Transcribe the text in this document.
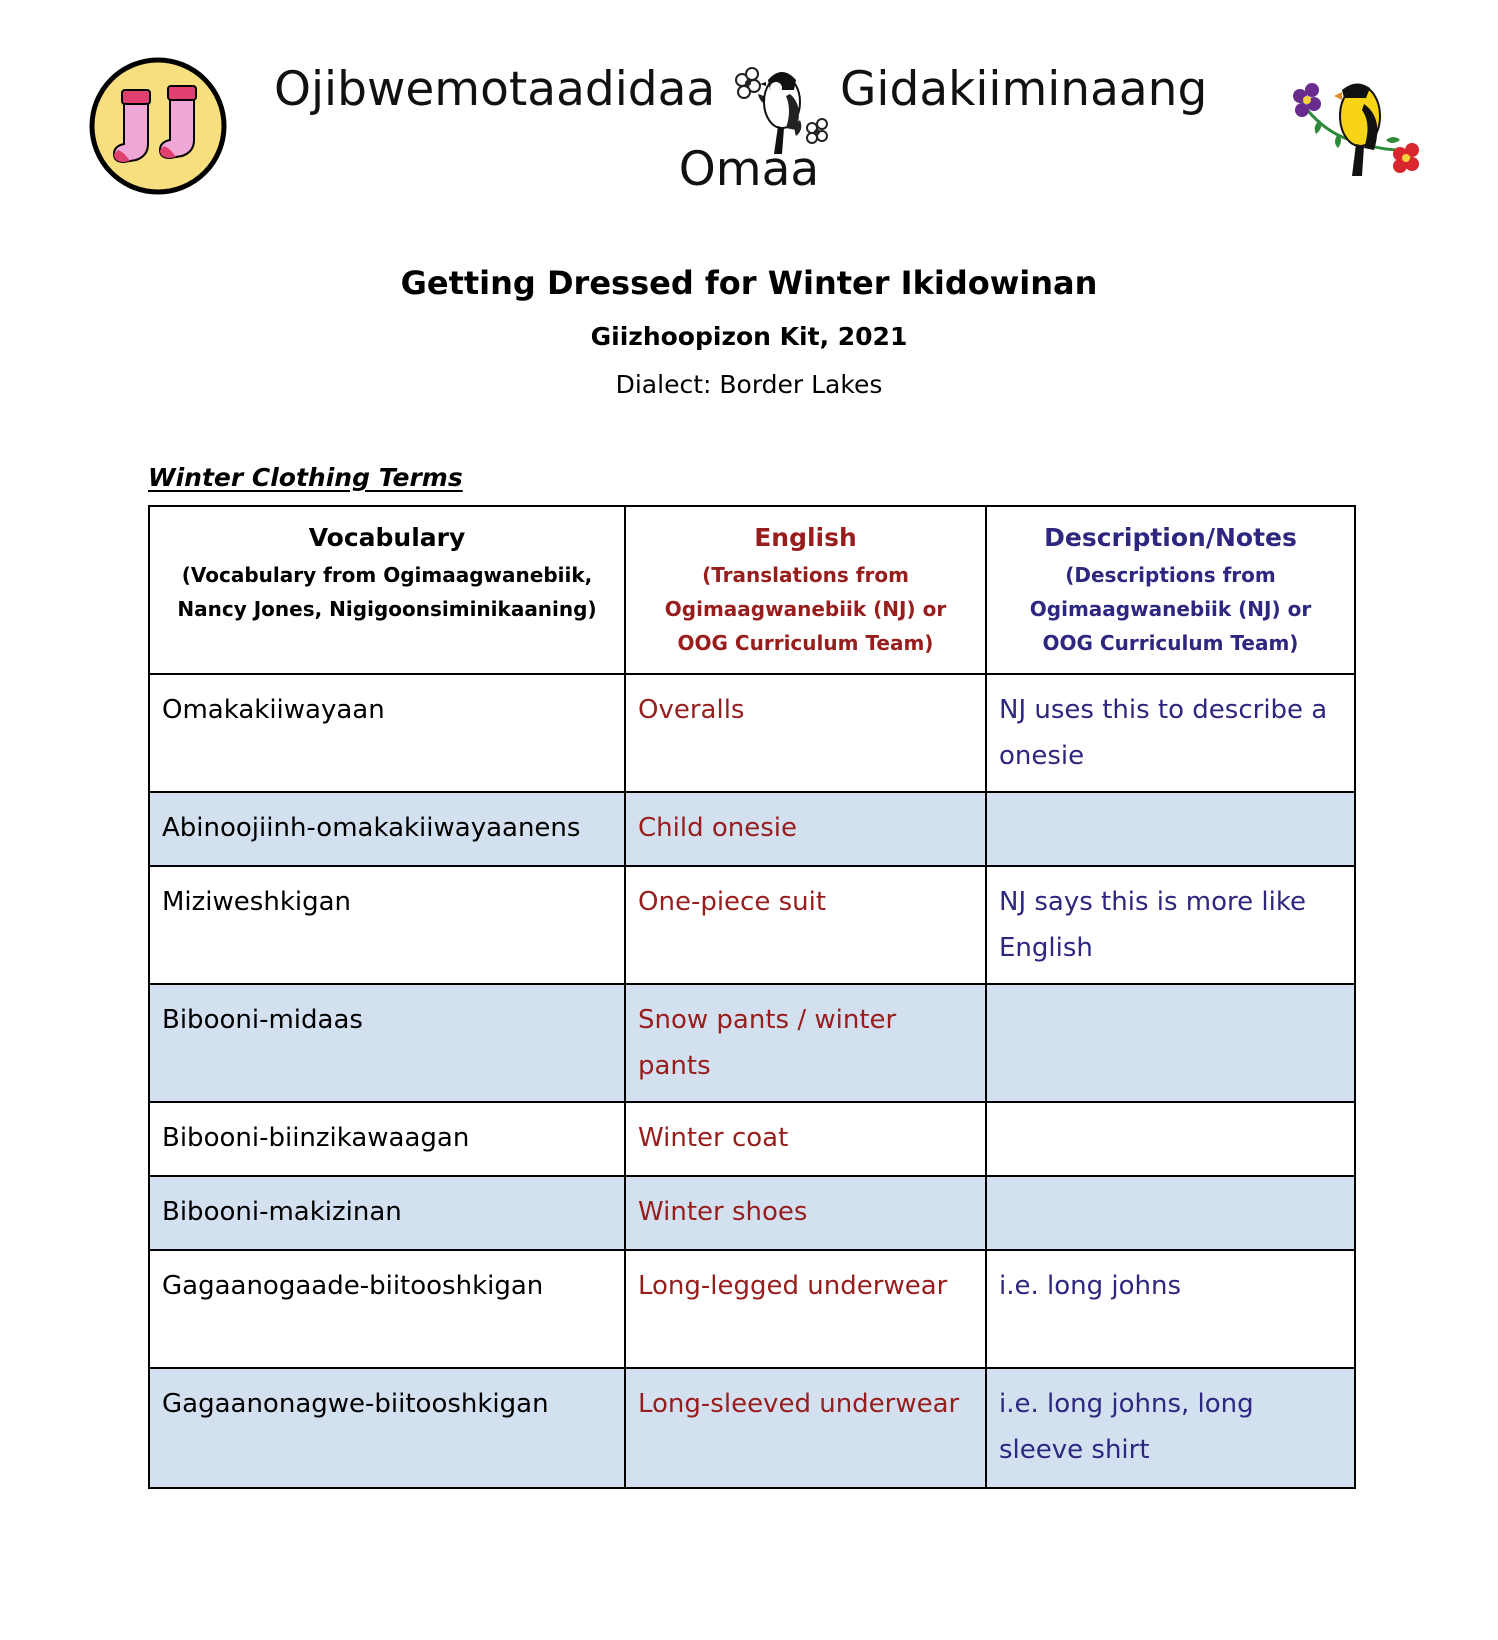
Ojibwemotaadidaa	Gidakiiminaang
Omaa
Getting Dressed for Winter Ikidowinan
Giizhoopizon Kit, 2021
Dialect: Border Lakes
Winter Clothing Terms
Vocabulary
(Vocabulary from Ogimaagwanebiik,
Nancy Jones, Nigigoonsiminikaaning)	English
(Translations from
Ogimaagwanebiik (NJ) or
OOG Curriculum Team)	Description/Notes
(Descriptions from
Ogimaagwanebiik (NJ) or
OOG Curriculum Team)

Omakakiiwayaan	Overalls	NJ uses this to describe a onesie
Abinoojiinh-omakakiiwayaanens	Child onesie	
Miziweshkigan	One-piece suit	NJ says this is more like English
Bibooni-midaas	Snow pants / winter pants	
Bibooni-biinzikawaagan	Winter coat	
Bibooni-makizinan	Winter shoes	
Gagaanogaade-biitooshkigan	Long-legged underwear	i.e. long johns
Gagaanonagwe-biitooshkigan	Long-sleeved underwear	i.e. long johns, long sleeve shirt
